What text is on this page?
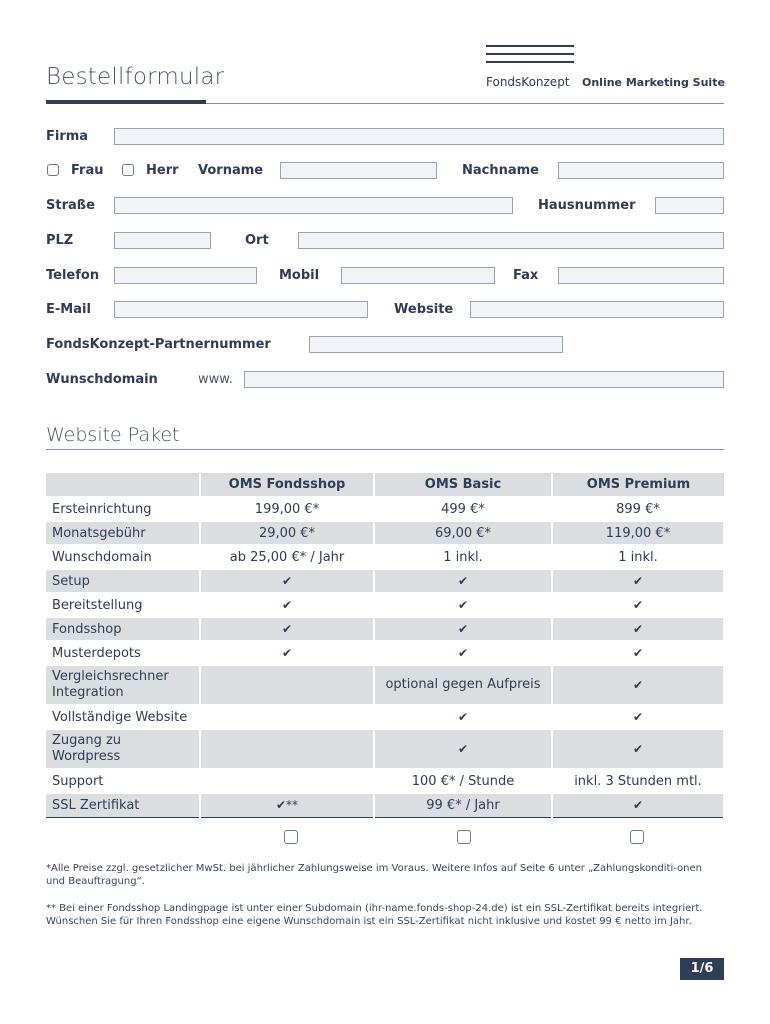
Bestellformular	FondsKonzept Online Marketing Suite
Firma
Frau	Herr Vorname	Nachname
Straße	Hausnummer
PLZ	Ort
Telefon	Mobil	Fax
E-Mail	Website
FondsKonzept-Partnernummer
Wunschdomain	www.
Website Paket
	OMS Fondsshop	OMS Basic	OMS Premium
Ersteinrichtung	199,00 €*	499 €*	899 €*
Monatsgebühr	29,00 €*	69,00 €*	119,00 €*
Wunschdomain	ab 25,00 €* / Jahr	1 inkl.	1 inkl.
Setup	✔	✔	✔
Bereitstellung	✔	✔	✔
Fondsshop	✔	✔	✔
Musterdepots	✔	✔	✔
Vergleichsrechner
Integration		optional gegen Aufpreis	✔
Vollständige Website		✔	✔
Zugang zu
Wordpress		✔	✔
Support		100 €* / Stunde	inkl. 3 Stunden mtl.
SSL Zertifikat	✔**	99 €* / Jahr	✔
*Alle Preise zzgl. gesetzlicher MwSt. bei jährlicher Zahlungsweise im Voraus. Weitere Infos auf Seite 6 unter „Zahlungskonditi-onen und Beauftragung“.
** Bei einer Fondsshop Landingpage ist unter einer Subdomain (ihr-name.fonds-shop-24.de) ist ein SSL-Zertifikat bereits integriert. Wünschen Sie für Ihren Fondsshop eine eigene Wunschdomain ist ein SSL-Zertifikat nicht inklusive und kostet 99 € netto im Jahr.
1/6
